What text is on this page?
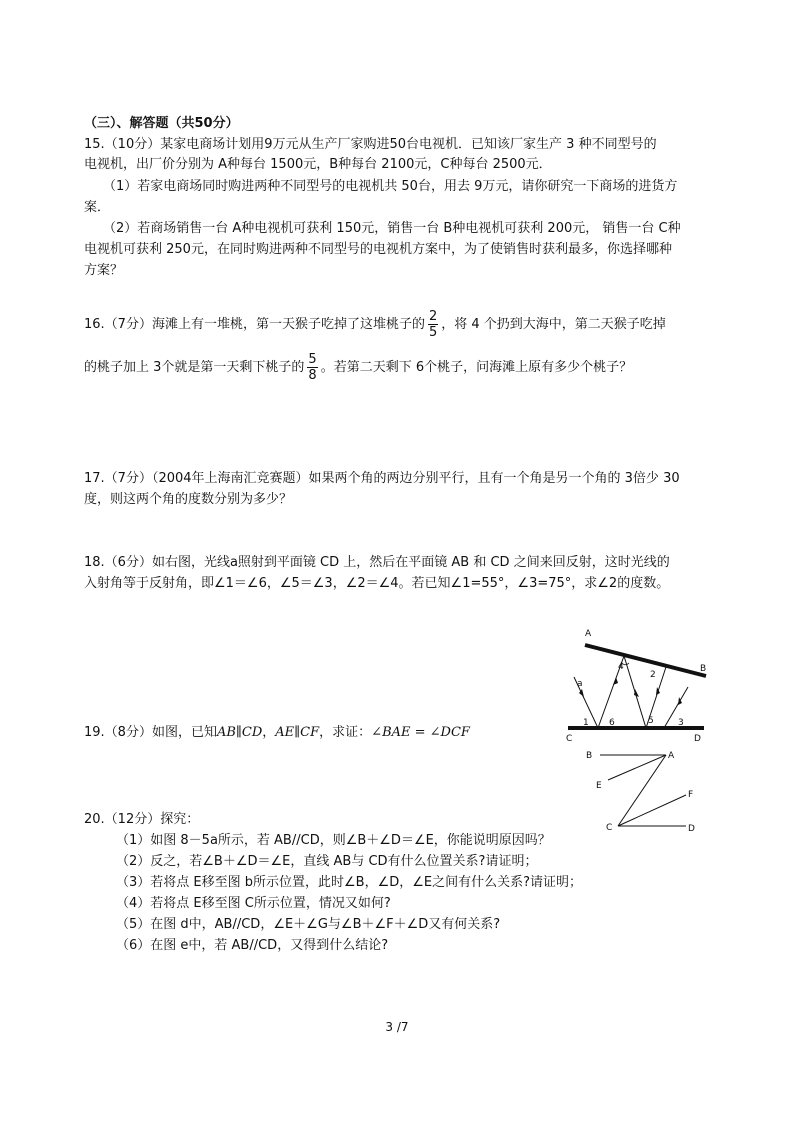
（三）、解答题（共50分）
15.（10分）某家电商场计划用9万元从生产厂家购进50台电视机．已知该厂家生产 3 种不同型号的
电视机，出厂价分别为 A种每台 1500元，B种每台 2100元，C种每台 2500元．
（1）若家电商场同时购进两种不同型号的电视机共 50台，用去 9万元，请你研究一下商场的进货方
案．
（2）若商场销售一台 A种电视机可获利 150元，销售一台 B种电视机可获利 200元， 销售一台 C种
电视机可获利 250元，在同时购进两种不同型号的电视机方案中，为了使销售时获利最多，你选择哪种
方案？
16.（7分）海滩上有一堆桃，第一天猴子吃掉了这堆桃子的 $\frac{2}{5}$ ，将 4 个扔到大海中，第二天猴子吃掉
的桃子加上 3个就是第一天剩下桃子的 $\frac{5}{8}$ 。若第二天剩下 6个桃子，问海滩上原有多少个桃子？
17.（7分）（2004年上海南汇竞赛题）如果两个角的两边分别平行，且有一个角是另一个角的 3倍少 30
度，则这两个角的度数分别为多少？
18.（6分）如右图，光线a照射到平面镜 CD 上，然后在平面镜 AB 和 CD 之间来回反射，这时光线的
入射角等于反射角，即∠1＝∠6，∠5＝∠3，∠2＝∠4。若已知∠1=55°，∠3=75°，求∠2的度数。
A
B
C	D
a
1
2
3
4
5
6
19.（8分）如图，已知AB∥CD，AE∥CF，求证：∠BAE = ∠DCF
B	A
E
F
C	D
20.（12分）探究：
（1）如图 8－5a所示，若 AB//CD，则∠B＋∠D＝∠E，你能说明原因吗？
（2）反之，若∠B＋∠D＝∠E，直线 AB与 CD有什么位置关系?请证明；
（3）若将点 E移至图 b所示位置，此时∠B，∠D，∠E之间有什么关系?请证明；
（4）若将点 E移至图 C所示位置，情况又如何?
（5）在图 d中，AB//CD，∠E＋∠G与∠B＋∠F＋∠D又有何关系?
（6）在图 e中，若 AB//CD，又得到什么结论?
3 /7
